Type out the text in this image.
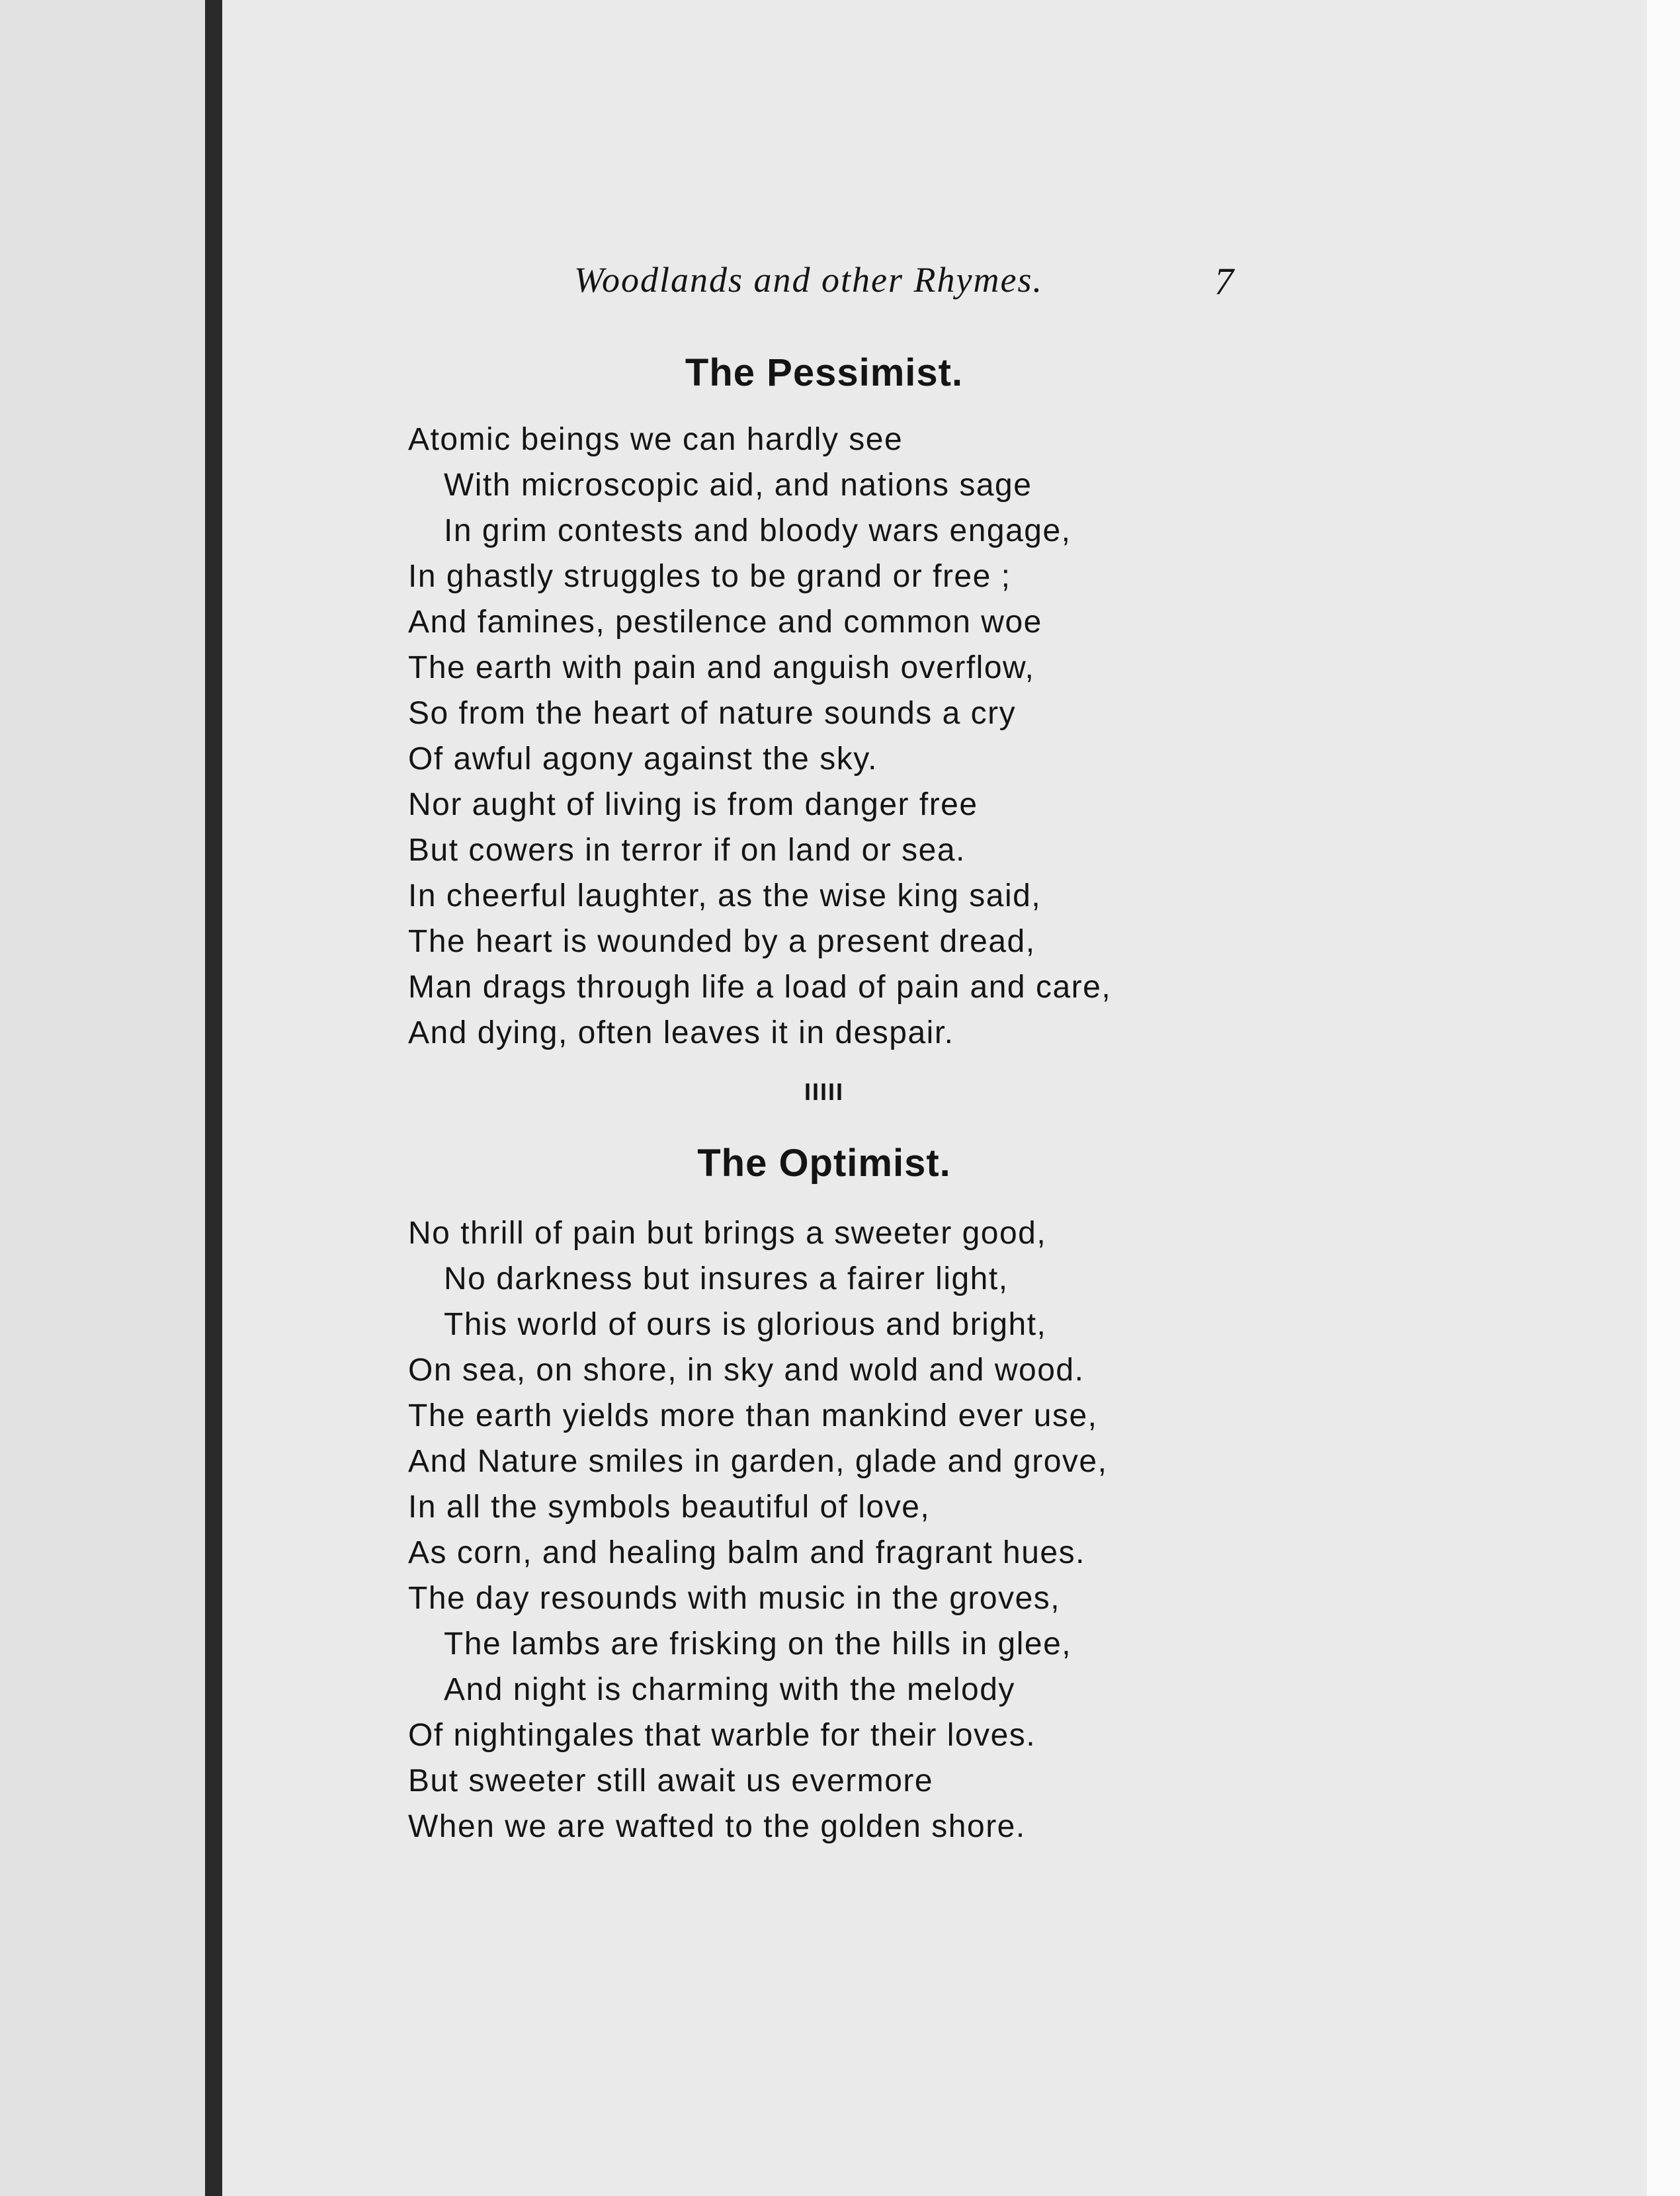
Woodlands and other Rhymes.	7
The Pessimist.
Atomic beings we can hardly see
With microscopic aid, and nations sage
In grim contests and bloody wars engage,
In ghastly struggles to be grand or free ;
And famines, pestilence and common woe
The earth with pain and anguish overflow,
So from the heart of nature sounds a cry
Of awful agony against the sky.
Nor aught of living is from danger free
But cowers in terror if on land or sea.
In cheerful laughter, as the wise king said,
The heart is wounded by a present dread,
Man drags through life a load of pain and care,
And dying, often leaves it in despair.
IIIII
The Optimist.
No thrill of pain but brings a sweeter good,
No darkness but insures a fairer light,
This world of ours is glorious and bright,
On sea, on shore, in sky and wold and wood.
The earth yields more than mankind ever use,
And Nature smiles in garden, glade and grove,
In all the symbols beautiful of love,
As corn, and healing balm and fragrant hues.
The day resounds with music in the groves,
The lambs are frisking on the hills in glee,
And night is charming with the melody
Of nightingales that warble for their loves.
But sweeter still await us evermore
When we are wafted to the golden shore.
